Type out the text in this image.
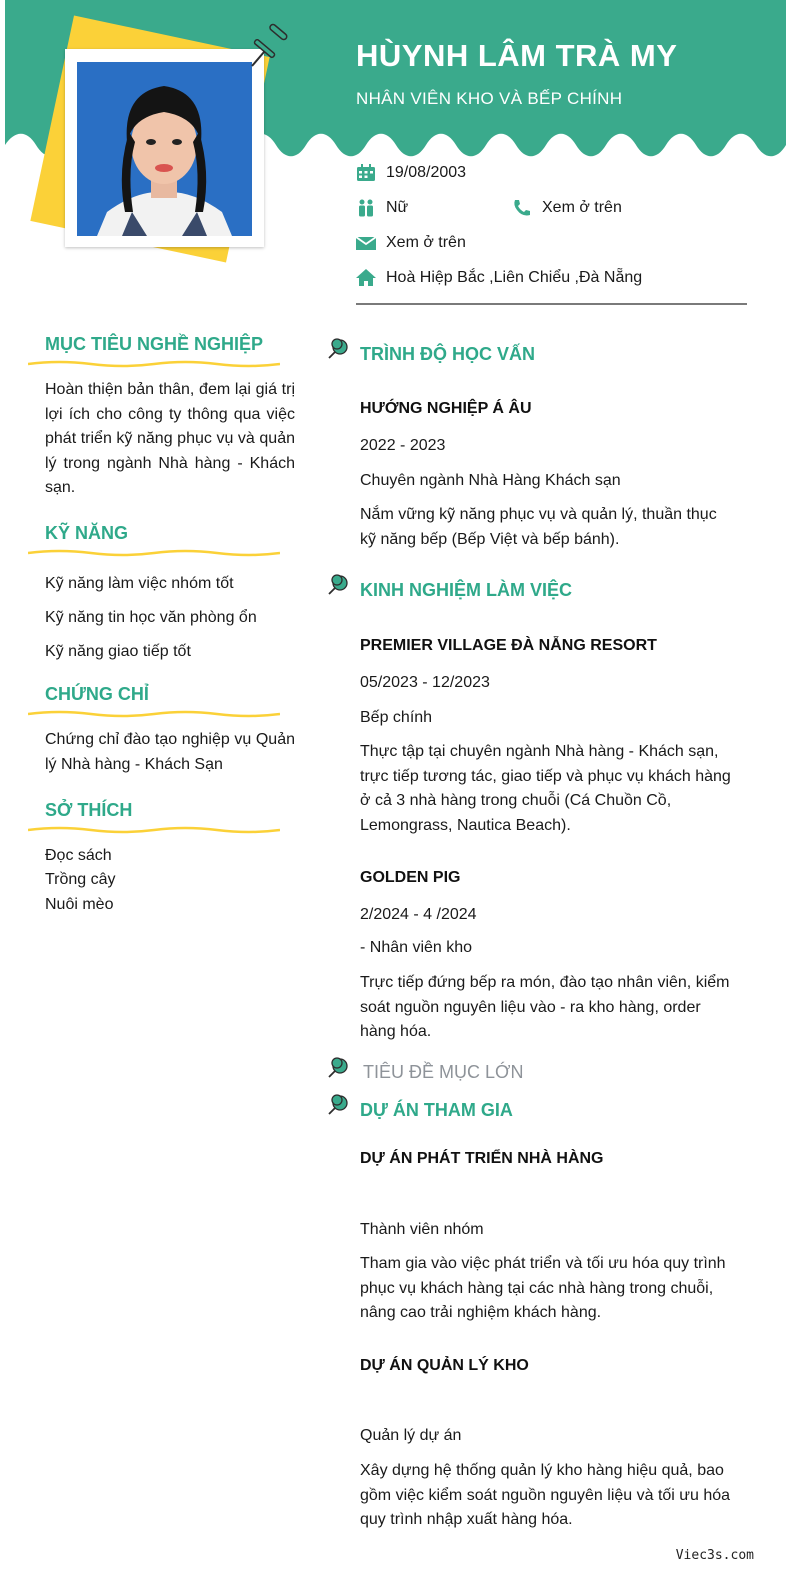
HÙYNH LÂM TRÀ MY
NHÂN VIÊN KHO VÀ BẾP CHÍNH
19/08/2003
Nữ	Xem ở trên
Xem ở trên
Hoà Hiệp Bắc ,Liên Chiểu ,Đà Nẵng
MỤC TIÊU NGHỀ NGHIỆP
Hoàn thiện bản thân, đem lại giá trị lợi ích cho công ty thông qua việc phát triển kỹ năng phục vụ và quản lý trong ngành Nhà hàng - Khách sạn.
KỸ NĂNG
Kỹ năng làm việc nhóm tốt
Kỹ năng tin học văn phòng ổn
Kỹ năng giao tiếp tốt
CHỨNG CHỈ
Chứng chỉ đào tạo nghiệp vụ Quản lý Nhà hàng - Khách Sạn
SỞ THÍCH
Đọc sách
Trồng cây
Nuôi mèo
TRÌNH ĐỘ HỌC VẤN
HƯỚNG NGHIỆP Á ÂU
2022 - 2023
Chuyên ngành Nhà Hàng Khách sạn
Nắm vững kỹ năng phục vụ và quản lý, thuần thục kỹ năng bếp (Bếp Việt và bếp bánh).
KINH NGHIỆM LÀM VIỆC
PREMIER VILLAGE ĐÀ NẴNG RESORT
05/2023 - 12/2023
Bếp chính
Thực tập tại chuyên ngành Nhà hàng - Khách sạn, trực tiếp tương tác, giao tiếp và phục vụ khách hàng ở cả 3 nhà hàng trong chuỗi (Cá Chuồn Cồ, Lemongrass, Nautica Beach).
GOLDEN PIG
2/2024 - 4 /2024
- Nhân viên kho
Trực tiếp đứng bếp ra món, đào tạo nhân viên, kiểm soát nguồn nguyên liệu vào - ra kho hàng, order hàng hóa.
TIÊU ĐỀ MỤC LỚN
DỰ ÁN THAM GIA
DỰ ÁN PHÁT TRIỂN NHÀ HÀNG
Thành viên nhóm
Tham gia vào việc phát triển và tối ưu hóa quy trình phục vụ khách hàng tại các nhà hàng trong chuỗi, nâng cao trải nghiệm khách hàng.
DỰ ÁN QUẢN LÝ KHO
Quản lý dự án
Xây dựng hệ thống quản lý kho hàng hiệu quả, bao gồm việc kiểm soát nguồn nguyên liệu và tối ưu hóa quy trình nhập xuất hàng hóa.
Viec3s.com
